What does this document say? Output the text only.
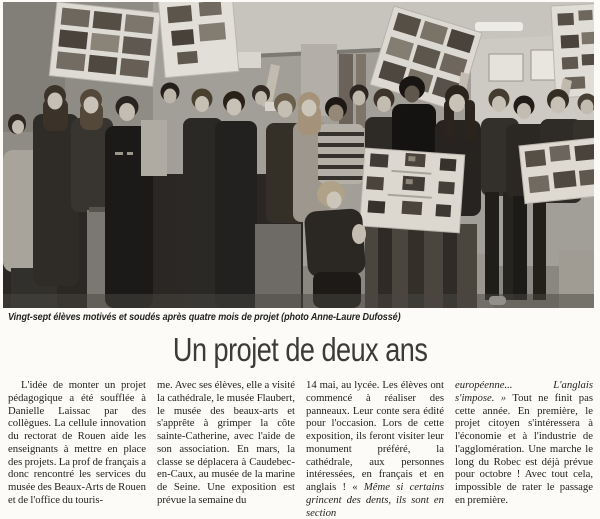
Vingt-sept élèves motivés et soudés après quatre mois de projet (photo Anne-Laure Dufossé)
Un projet de deux ans
L'idée de monter un projet pédagogique a été soufflée à Danielle Laissac par des collègues. La cellule innovation du rectorat de Rouen aide les enseignants à mettre en place des projets. La prof de français a donc rencontré les services du musée des Beaux-Arts de Rouen et de l'office du touris-
me. Avec ses élèves, elle a visité la cathédrale, le musée Flaubert, le musée des beaux-arts et s'apprête à grimper la côte sainte-Catherine, avec l'aide de son association. En mars, la classe se déplacera à Caudebec-en-Caux, au musée de la marine de Seine. Une exposition est prévue la semaine du
14 mai, au lycée. Les élèves ont commencé à réaliser des panneaux. Leur conte sera édité pour l'occasion. Lors de cette exposition, ils feront visiter leur monument préféré, la cathédrale, aux personnes intéressées, en français et en anglais ! « Même si certains grincent des dents, ils sont en section
européenne... L'anglais s'impose. » Tout ne finit pas cette année. En première, le projet citoyen s'intéressera à l'économie et à l'industrie de l'agglomération. Une marche le long du Robec est déjà prévue pour octobre ! Avec tout cela, impossible de rater le passage en première.
